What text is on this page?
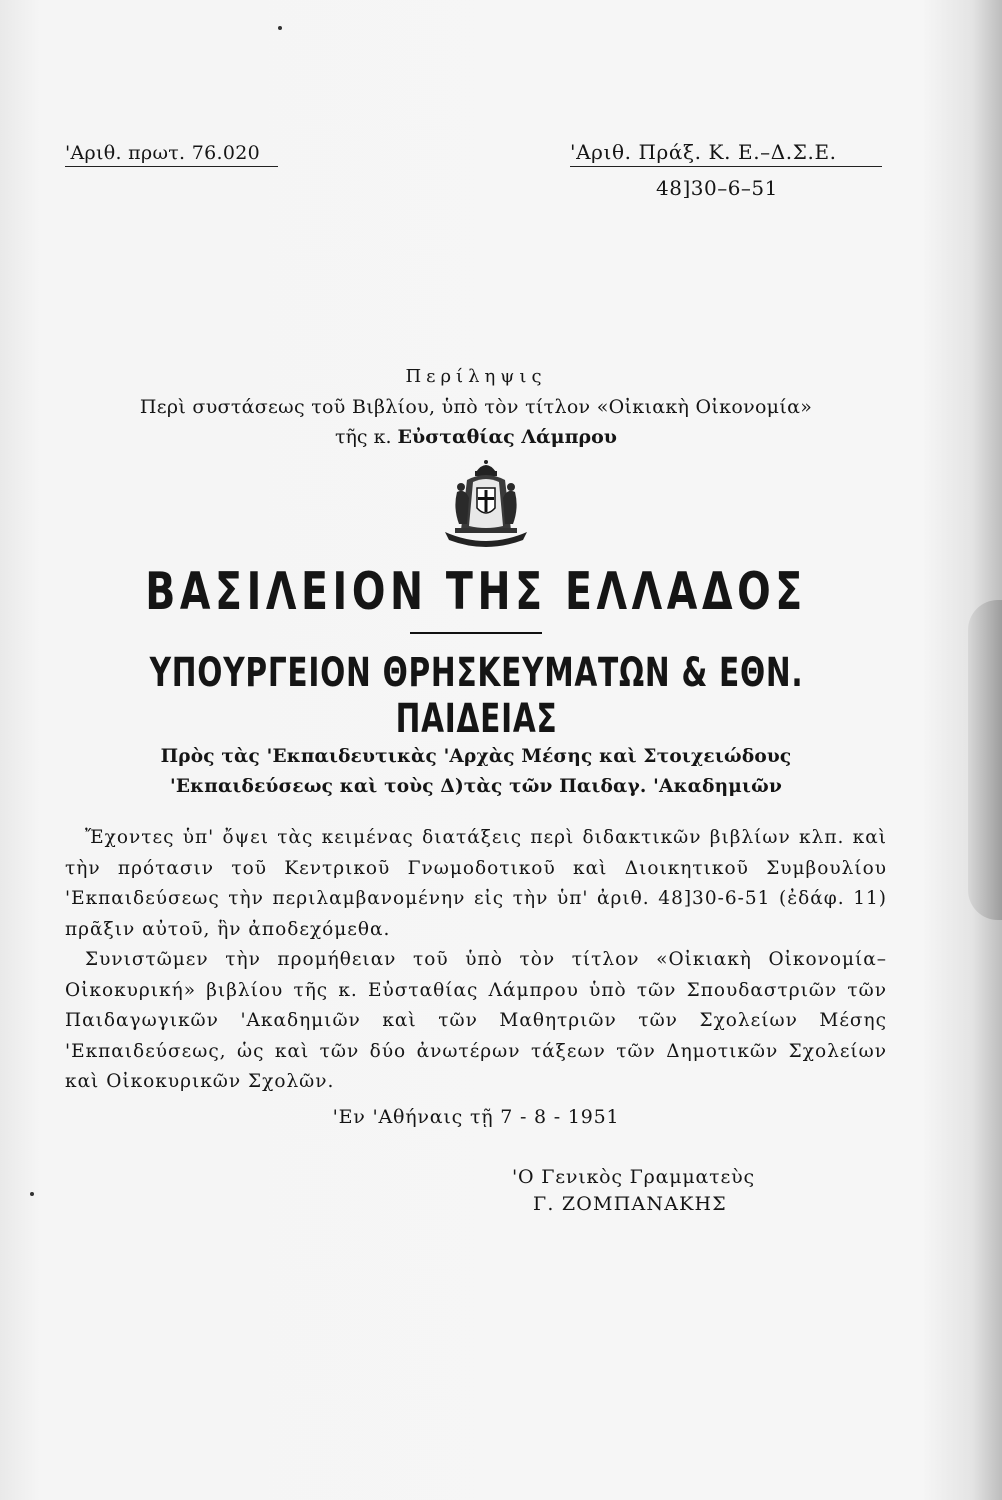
'Αριθ. πρωτ. 76.020	'Αριθ. Πράξ. Κ. Ε.–Δ.Σ.Ε.
48]30–6–51
Περίληψις
Περὶ συστάσεως τοῦ Βιβλίου, ὑπὸ τὸν τίτλον «Οἰκιακὴ Οἰκονομία»
τῆς κ. Εὐσταθίας Λάμπρου
ΒΑΣΙΛΕΙΟΝ ΤΗΣ ΕΛΛΑΔΟΣ
ΥΠΟΥΡΓΕΙΟΝ ΘΡΗΣΚΕΥΜΑΤΩΝ & ΕΘΝ. ΠΑΙΔΕΙΑΣ
Πρὸς τὰς 'Εκπαιδευτικὰς 'Αρχὰς Μέσης καὶ Στοιχειώδους
'Εκπαιδεύσεως καὶ τοὺς Δ)τὰς τῶν Παιδαγ. 'Ακαδημιῶν

Ἔχοντες ὑπ' ὄψει τὰς κειμένας διατάξεις περὶ διδακτικῶν βιβλίων κλπ. καὶ τὴν πρότασιν τοῦ Κεντρικοῦ Γνωμοδοτικοῦ καὶ Διοικητικοῦ Συμβουλίου 'Εκπαιδεύσεως τὴν περιλαμβανομένην εἰς τὴν ὑπ' ἀριθ. 48]30-6-51 (ἐδάφ. 11) πρᾶξιν αὐτοῦ, ἣν ἀποδεχόμεθα.

Συνιστῶμεν τὴν προμήθειαν τοῦ ὑπὸ τὸν τίτλον «Οἰκιακὴ Οἰκονομία–Οἰκοκυρική» βιβλίου τῆς κ. Εὐσταθίας Λάμπρου ὑπὸ τῶν Σπουδαστριῶν τῶν Παιδαγωγικῶν 'Ακαδημιῶν καὶ τῶν Μαθητριῶν τῶν Σχολείων Μέσης 'Εκπαιδεύσεως, ὡς καὶ τῶν δύο ἀνωτέρων τάξεων τῶν Δημοτικῶν Σχολείων καὶ Οἰκοκυρικῶν Σχολῶν.

'Εν 'Αθήναις τῇ 7 - 8 - 1951
'Ο Γενικὸς Γραμματεὺς
Γ. ΖΟΜΠΑΝΑΚΗΣ
